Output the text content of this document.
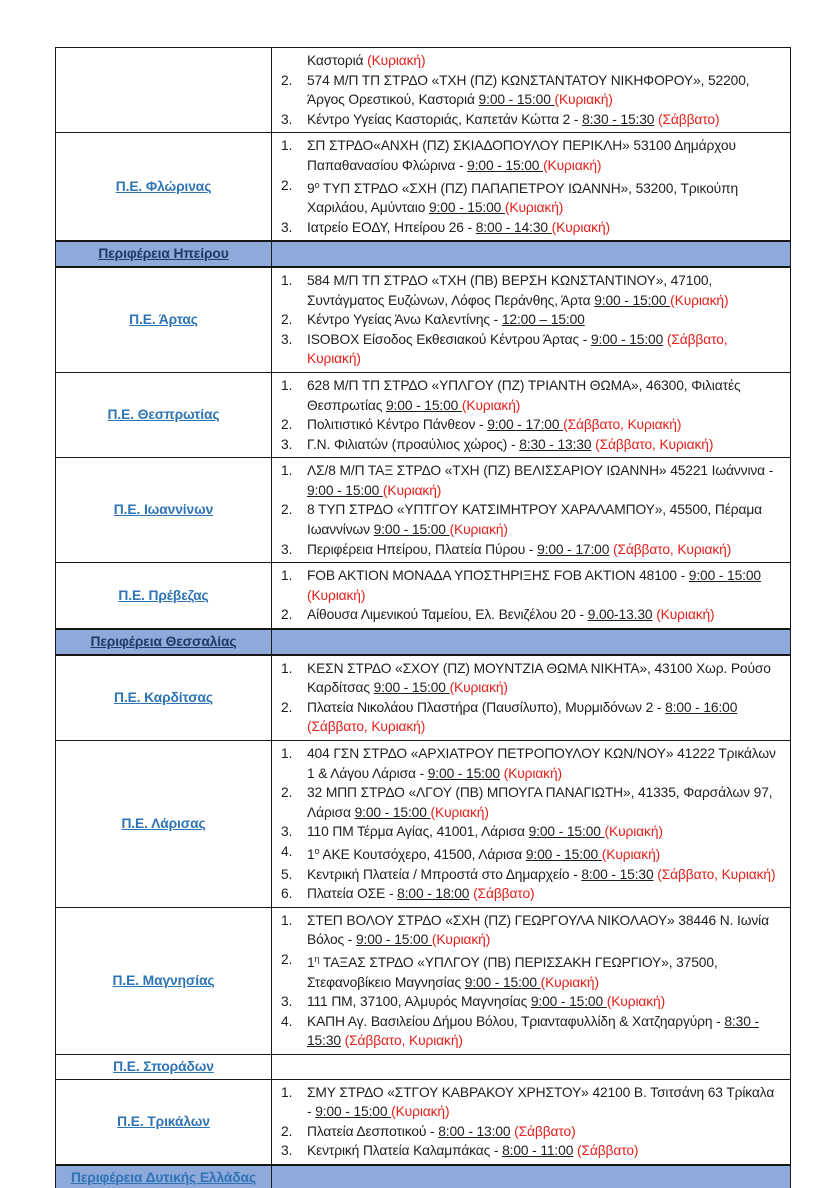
Καστοριά (Κυριακή)
2.	574 Μ/Π ΤΠ ΣΤΡΔΟ «ΤΧΗ (ΠΖ) ΚΩΝΣΤΑΝΤΑΤΟΥ ΝΙΚΗΦΟΡΟΥ», 52200, Άργος Ορεστικού, Καστοριά 9:00 - 15:00 (Κυριακή)
3.	Κέντρο Υγείας Καστοριάς, Καπετάν Κώττα 2 - 8:30 - 15:30 (Σάββατο)
Π.Ε. Φλώρινας
1.	ΣΠ ΣΤΡΔΟ«ΑΝΧΗ (ΠΖ) ΣΚΙΑΔΟΠΟΥΛΟΥ ΠΕΡΙΚΛΗ» 53100 Δημάρχου Παπαθανασίου Φλώρινα - 9:00 - 15:00 (Κυριακή)
2.	$9^o$ ΤΥΠ ΣΤΡΔΟ «ΣΧΗ (ΠΖ) ΠΑΠΑΠΕΤΡΟΥ ΙΩΑΝΝΗ», 53200, Τρικούπη Χαριλάου, Αμύνταιο 9:00 - 15:00 (Κυριακή)
3.	Ιατρείο ΕΟΔΥ, Ηπείρου 26 - 8:00 - 14:30 (Κυριακή)
Περιφέρεια Ηπείρου
Π.Ε. Άρτας
1.	584 Μ/Π ΤΠ ΣΤΡΔΟ «ΤΧΗ (ΠΒ) ΒΕΡΣΗ ΚΩΝΣΤΑΝΤΙΝΟΥ», 47100, Συντάγματος Ευζώνων, Λόφος Περάνθης, Άρτα 9:00 - 15:00 (Κυριακή)
2.	Κέντρο Υγείας Άνω Καλεντίνης - 12:00 – 15:00
3.	ISOBOX Είσοδος Εκθεσιακού Κέντρου Άρτας - 9:00 - 15:00 (Σάββατο, Κυριακή)
Π.Ε. Θεσπρωτίας
1.	628 Μ/Π ΤΠ ΣΤΡΔΟ «ΥΠΛΓΟΥ (ΠΖ) ΤΡΙΑΝΤΗ ΘΩΜΑ», 46300, Φιλιατές Θεσπρωτίας 9:00 - 15:00 (Κυριακή)
2.	Πολιτιστικό Κέντρο Πάνθεον - 9:00 - 17:00 (Σάββατο, Κυριακή)
3.	Γ.Ν. Φιλιατών (προαύλιος χώρος) - 8:30 - 13:30 (Σάββατο, Κυριακή)
Π.Ε. Ιωαννίνων
1.	ΛΣ/8 Μ/Π ΤΑΞ ΣΤΡΔΟ «ΤΧΗ (ΠΖ) ΒΕΛΙΣΣΑΡΙΟΥ ΙΩΑΝΝΗ» 45221 Ιωάννινα - 9:00 - 15:00 (Κυριακή)
2.	8 ΤΥΠ ΣΤΡΔΟ «ΥΠΤΓΟΥ ΚΑΤΣΙΜΗΤΡΟΥ ΧΑΡΑΛΑΜΠΟΥ», 45500, Πέραμα Ιωαννίνων 9:00 - 15:00 (Κυριακή)
3.	Περιφέρεια Ηπείρου, Πλατεία Πύρου - 9:00 - 17:00 (Σάββατο, Κυριακή)
Π.Ε. Πρέβεζας
1.	FOB AKTION ΜΟΝΑΔΑ ΥΠΟΣΤΗΡΙΞΗΣ FOB AKTION 48100 - 9:00 - 15:00 (Κυριακή)
2.	Αίθουσα Λιμενικού Ταμείου, Ελ. Βενιζέλου 20 - 9.00-13.30 (Κυριακή)
Περιφέρεια Θεσσαλίας
Π.Ε. Καρδίτσας
1.	ΚΕΣΝ ΣΤΡΔΟ «ΣΧΟΥ (ΠΖ) ΜΟΥΝΤΖΙΑ ΘΩΜΑ ΝΙΚΗΤΑ», 43100 Χωρ. Ρούσο Καρδίτσας 9:00 - 15:00 (Κυριακή)
2.	Πλατεία Νικολάου Πλαστήρα (Παυσίλυπο), Μυρμιδόνων 2 - 8:00 - 16:00 (Σάββατο, Κυριακή)
Π.Ε. Λάρισας
1.	404 ΓΣΝ ΣΤΡΔΟ «ΑΡΧΙΑΤΡΟΥ ΠΕΤΡΟΠΟΥΛΟΥ ΚΩΝ/ΝΟΥ» 41222 Τρικάλων 1 & Λάγου Λάρισα - 9:00 - 15:00 (Κυριακή)
2.	32 ΜΠΠ ΣΤΡΔΟ «ΛΓΟΥ (ΠΒ) ΜΠΟΥΓΑ ΠΑΝΑΓΙΩΤΗ», 41335, Φαρσάλων 97, Λάρισα 9:00 - 15:00 (Κυριακή)
3.	110 ΠΜ Τέρμα Αγίας, 41001, Λάρισα 9:00 - 15:00 (Κυριακή)
4.	$1^o$ ΑΚΕ Κουτσόχερο, 41500, Λάρισα 9:00 - 15:00 (Κυριακή)
5.	Κεντρική Πλατεία / Μπροστά στο Δημαρχείο - 8:00 - 15:30 (Σάββατο, Κυριακή)
6.	Πλατεία ΟΣΕ - 8:00 - 18:00 (Σάββατο)
Π.Ε. Μαγνησίας
1.	ΣΤΕΠ ΒΟΛΟΥ ΣΤΡΔΟ «ΣΧΗ (ΠΖ) ΓΕΩΡΓΟΥΛΑ ΝΙΚΟΛΑΟΥ» 38446 Ν. Ιωνία Βόλος - 9:00 - 15:00 (Κυριακή)
2.	$1^\eta$ ΤΑΞΑΣ ΣΤΡΔΟ «ΥΠΛΓΟΥ (ΠΒ) ΠΕΡΙΣΣΑΚΗ ΓΕΩΡΓΙΟΥ», 37500, Στεφανοβίκειο Μαγνησίας 9:00 - 15:00 (Κυριακή)
3.	111 ΠΜ, 37100, Αλμυρός Μαγνησίας 9:00 - 15:00 (Κυριακή)
4.	ΚΑΠΗ Αγ. Βασιλείου Δήμου Βόλου, Τριανταφυλλίδη & Χατζηαργύρη - 8:30 - 15:30 (Σάββατο, Κυριακή)
Π.Ε. Σποράδων
Π.Ε. Τρικάλων
1.	ΣΜΥ ΣΤΡΔΟ «ΣΤΓΟΥ ΚΑΒΡΑΚΟΥ ΧΡΗΣΤΟΥ» 42100 Β. Τσιτσάνη 63 Τρίκαλα - 9:00 - 15:00 (Κυριακή)
2.	Πλατεία Δεσποτικού - 8:00 - 13:00 (Σάββατο)
3.	Κεντρική Πλατεία Καλαμπάκας - 8:00 - 11:00 (Σάββατο)
Περιφέρεια Δυτικής Ελλάδας
